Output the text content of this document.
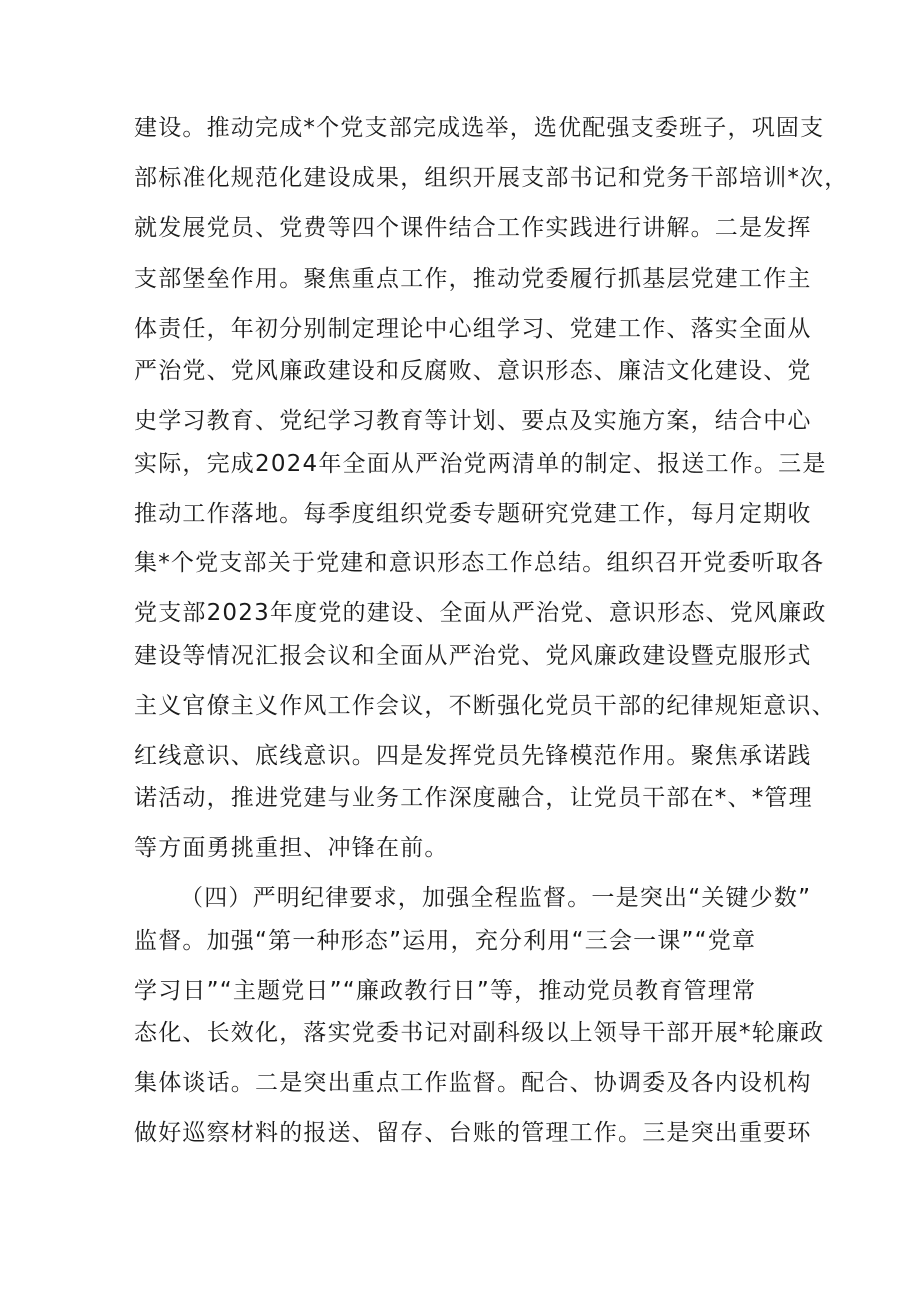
建设。推动完成*个党支部完成选举，选优配强支委班子，巩固支
部标准化规范化建设成果，组织开展支部书记和党务干部培训*次，
就发展党员、党费等四个课件结合工作实践进行讲解。二是发挥
支部堡垒作用。聚焦重点工作，推动党委履行抓基层党建工作主
体责任，年初分别制定理论中心组学习、党建工作、落实全面从
严治党、党风廉政建设和反腐败、意识形态、廉洁文化建设、党
史学习教育、党纪学习教育等计划、要点及实施方案，结合中心
实际，完成2024年全面从严治党两清单的制定、报送工作。三是
推动工作落地。每季度组织党委专题研究党建工作，每月定期收
集*个党支部关于党建和意识形态工作总结。组织召开党委听取各
党支部2023年度党的建设、全面从严治党、意识形态、党风廉政
建设等情况汇报会议和全面从严治党、党风廉政建设暨克服形式
主义官僚主义作风工作会议，不断强化党员干部的纪律规矩意识、
红线意识、底线意识。四是发挥党员先锋模范作用。聚焦承诺践
诺活动，推进党建与业务工作深度融合，让党员干部在*、*管理
等方面勇挑重担、冲锋在前。
（四）严明纪律要求，加强全程监督。一是突出“关键少数”
监督。加强“第一种形态”运用，充分利用“三会一课”“党章
学习日”“主题党日”“廉政教行日”等，推动党员教育管理常
态化、长效化，落实党委书记对副科级以上领导干部开展*轮廉政
集体谈话。二是突出重点工作监督。配合、协调委及各内设机构
做好巡察材料的报送、留存、台账的管理工作。三是突出重要环
